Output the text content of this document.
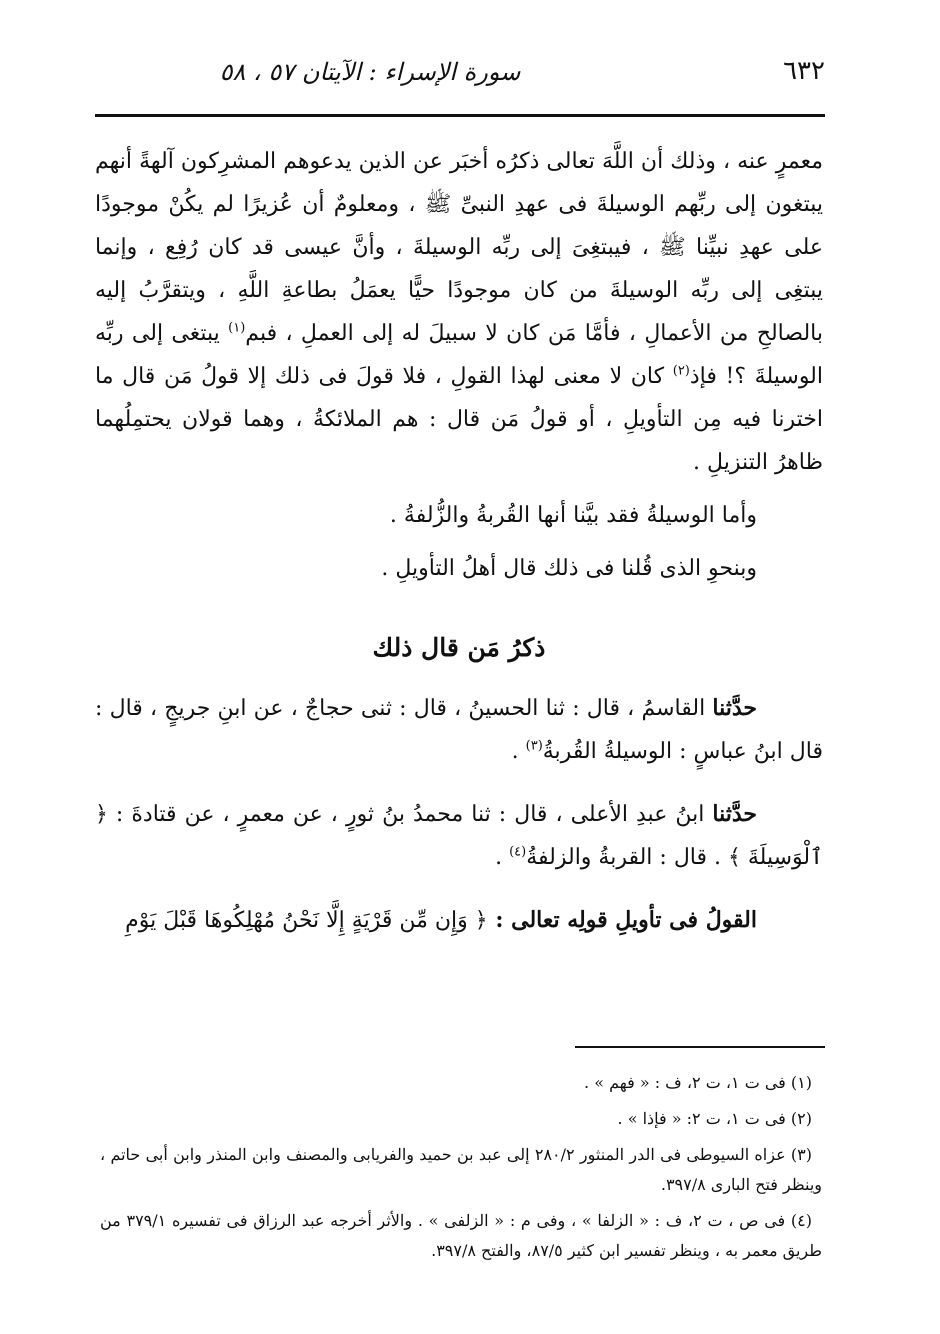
سورة الإسراء : الآيتان ٥٧ ، ٥٨	٦٣٢

معمرٍ عنه ، وذلك أن اللَّهَ تعالى ذكرُه أخبَر عن الذين يدعوهم المشرِكون آلهةً أنهم يبتغون إلى ربِّهم الوسيلةَ فى عهدِ النبىِّ ﷺ ، ومعلومٌ أن عُزيرًا لم يكُنْ موجودًا على عهدِ نبيِّنا ﷺ ، فيبتغِىَ إلى ربِّه الوسيلةَ ، وأنَّ عيسى قد كان رُفِع ، وإنما يبتغِى إلى ربِّه الوسيلةَ من كان موجودًا حيًّا يعمَلُ بطاعةِ اللَّهِ ، ويتقرَّبُ إليه بالصالحِ من الأعمالِ ، فأمَّا مَن كان لا سبيلَ له إلى العملِ ، فبم$^{(١)}$ يبتغى إلى ربِّه الوسيلةَ ؟! فإذ$^{(٢)}$ كان لا معنى لهذا القولِ ، فلا قولَ فى ذلك إلا قولُ مَن قال ما اخترنا فيه مِن التأويلِ ، أو قولُ مَن قال : هم الملائكةُ ، وهما قولان يحتمِلُهما ظاهرُ التنزيلِ .

وأما الوسيلةُ فقد بيَّنا أنها القُربةُ والزُّلفةُ .

وبنحوِ الذى قُلنا فى ذلك قال أهلُ التأويلِ .

ذكرُ مَن قال ذلك

حدَّثنا القاسمُ ، قال : ثنا الحسينُ ، قال : ثنى حجاجٌ ، عن ابنِ جريجٍ ، قال : قال ابنُ عباسٍ : الوسيلةُ القُربةُ$^{(٣)}$ .

حدَّثنا ابنُ عبدِ الأعلى ، قال : ثنا محمدُ بنُ ثورٍ ، عن معمرٍ ، عن قتادةَ : ﴿ ٱلْوَسِيلَةَ ﴾ . قال : القربةُ والزلفةُ$^{(٤)}$ .

القولُ فى تأويلِ قولِه تعالى : ﴿ وَإِن مِّن قَرْيَةٍ إِلَّا نَحْنُ مُهْلِكُوهَا قَبْلَ يَوْمِ

(١) فى ت ١، ت ٢، ف : « فهم » .

(٢) فى ت ١، ت ٢: « فإذا » .

(٣) عزاه السيوطى فى الدر المنثور ٢٨٠/٢ إلى عبد بن حميد والفريابى والمصنف وابن المنذر وابن أبى حاتم ، وينظر فتح البارى ٣٩٧/٨.

(٤) فى ص ، ت ٢، ف : « الزلفا » ، وفى م : « الزلفى » . والأثر أخرجه عبد الرزاق فى تفسيره ٣٧٩/١ من طريق معمر به ، وينظر تفسير ابن كثير ٨٧/٥، والفتح ٣٩٧/٨.
